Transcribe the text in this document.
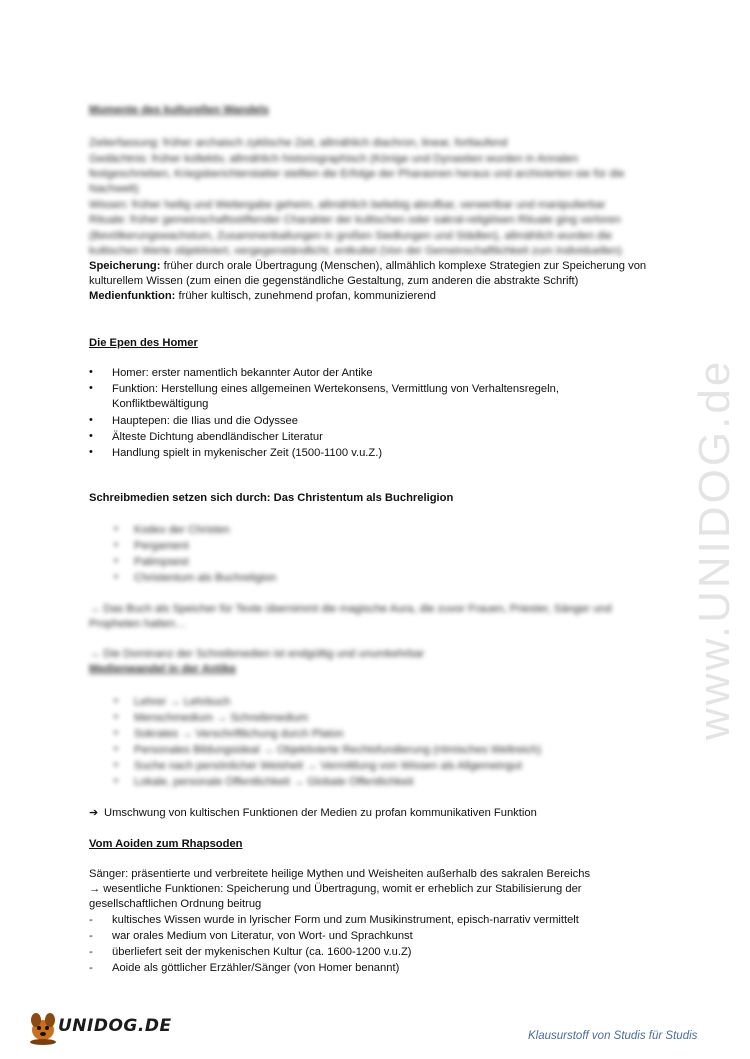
Momente des kulturellen Wandels
Zeiterfassung: früher archaisch zyklische Zeit, allmählich diachron, linear, fortlaufend
Gedächtnis: früher kollektiv, allmählich historiographisch (Könige und Dynastien wurden in Annalen
festgeschrieben, Kriegsberichterstatter stellten die Erfolge der Pharaonen heraus und archivierten sie für die
Nachwelt)
Wissen: früher heilig und Weitergabe geheim, allmählich beliebig abrufbar, verwertbar und manipulierbar
Rituale: früher gemeinschaftsstiftender Charakter der kultischen oder sakral-religiösen Rituale ging verloren
(Bevölkerungswachstum, Zusammenballungen in großen Siedlungen und Städten), allmählich wurden die
kultischen Werte objektiviert, vergegenständlicht, entkultet (Von der Gemeinschaftlichkeit zum Individuellen)
Speicherung: früher durch orale Übertragung (Menschen), allmählich komplexe Strategien zur Speicherung von
kulturellem Wissen (zum einen die gegenständliche Gestaltung, zum anderen die abstrakte Schrift)
Medienfunktion: früher kultisch, zunehmend profan, kommunizierend
Die Epen des Homer
• Homer: erster namentlich bekannter Autor der Antike
• Funktion: Herstellung eines allgemeinen Wertekonsens, Vermittlung von Verhaltensregeln,
Konfliktbewältigung
• Hauptepen: die Ilias und die Odyssee
• Älteste Dichtung abendländischer Literatur
• Handlung spielt in mykenischer Zeit (1500-1100 v.u.Z.)
Schreibmedien setzen sich durch: Das Christentum als Buchreligion
• Kodex der Christen
• Pergament
• Palimpsest
• Christentum als Buchreligion
→ Das Buch als Speicher für Texte übernimmt die magische Aura, die zuvor Frauen, Priester, Sänger und
Propheten hatten…
→ Die Dominanz der Schreibmedien ist endgültig und unumkehrbar
Medienwandel in der Antike
• Lehrer → Lehrbuch
• Menschmedium → Schreibmedium
• Sokrates → Verschriftlichung durch Platon
• Personales Bildungsideal → Objektivierte Rechtsfundierung (römisches Weltreich)
• Suche nach persönlicher Weisheit → Vermittlung von Wissen als Allgemeingut
• Lokale, personale Öffentlichkeit → Globale Öffentlichkeit
➔ Umschwung von kultischen Funktionen der Medien zu profan kommunikativen Funktion
Vom Aoiden zum Rhapsoden
Sänger: präsentierte und verbreitete heilige Mythen und Weisheiten außerhalb des sakralen Bereichs
→ wesentliche Funktionen: Speicherung und Übertragung, womit er erheblich zur Stabilisierung der
gesellschaftlichen Ordnung beitrug
- kultisches Wissen wurde in lyrischer Form und zum Musikinstrument, episch-narrativ vermittelt
- war orales Medium von Literatur, von Wort- und Sprachkunst
- überliefert seit der mykenischen Kultur (ca. 1600-1200 v.u.Z)
- Aoide als göttlicher Erzähler/Sänger (von Homer benannt)
www.UNIDOG.de
UNIDOG.DE	Klausurstoff von Studis für Studis
